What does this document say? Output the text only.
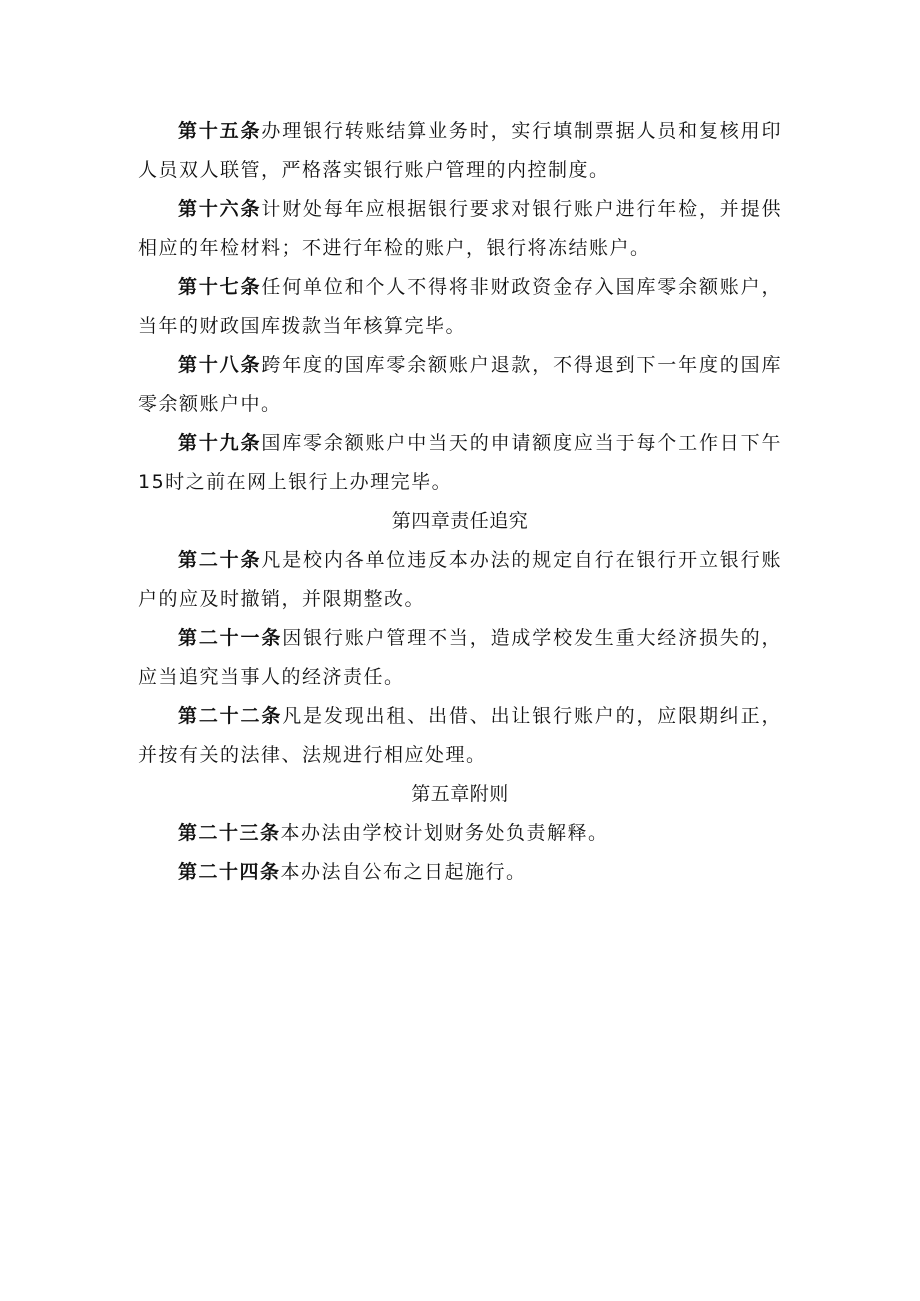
第十五条办理银行转账结算业务时，实行填制票据人员和复核用印人员双人联管，严格落实银行账户管理的内控制度。

第十六条计财处每年应根据银行要求对银行账户进行年检，并提供相应的年检材料；不进行年检的账户，银行将冻结账户。

第十七条任何单位和个人不得将非财政资金存入国库零余额账户，当年的财政国库拨款当年核算完毕。

第十八条跨年度的国库零余额账户退款，不得退到下一年度的国库零余额账户中。

第十九条国库零余额账户中当天的申请额度应当于每个工作日下午15时之前在网上银行上办理完毕。

第四章责任追究

第二十条凡是校内各单位违反本办法的规定自行在银行开立银行账户的应及时撤销，并限期整改。

第二十一条因银行账户管理不当，造成学校发生重大经济损失的，应当追究当事人的经济责任。

第二十二条凡是发现出租、出借、出让银行账户的，应限期纠正，并按有关的法律、法规进行相应处理。

第五章附则

第二十三条本办法由学校计划财务处负责解释。

第二十四条本办法自公布之日起施行。
